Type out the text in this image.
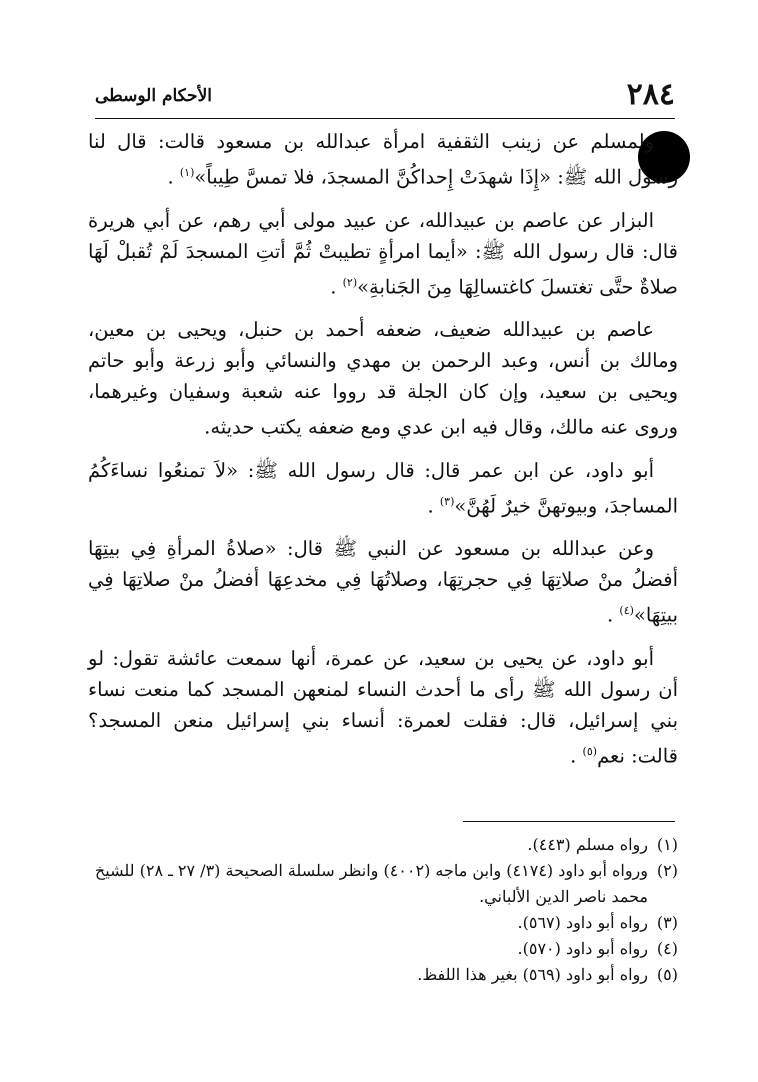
٢٨٤
الأحكام الوسطى

ولمسلم عن زينب الثقفية امرأة عبدالله بن مسعود قالت: قال لنا رسول الله ﷺ: «إِذَا شهدَتْ إِحداكُنَّ المسجدَ، فلا تمسَّ طِيباً»$^{(١)}$ .

البزار عن عاصم بن عبيدالله، عن عبيد مولى أبي رهم، عن أبي هريرة قال: قال رسول الله ﷺ: «أيما امرأةٍ تطيبتْ ثُمَّ أتتِ المسجدَ لَمْ تُقبلْ لَهَا صلاةٌ حتَّى تغتسلَ كاغتسالِهَا مِنَ الجَنابةِ»$^{(٢)}$ .

عاصم بن عبيدالله ضعيف، ضعفه أحمد بن حنبل، ويحيى بن معين، ومالك بن أنس، وعبد الرحمن بن مهدي والنسائي وأبو زرعة وأبو حاتم ويحيى بن سعيد، وإن كان الجلة قد رووا عنه شعبة وسفيان وغيرهما، وروى عنه مالك، وقال فيه ابن عدي ومع ضعفه يكتب حديثه.

أبو داود، عن ابن عمر قال: قال رسول الله ﷺ: «لاَ تمنعُوا نساءَكُمُ المساجدَ، وبيوتهنَّ خيرٌ لَهُنَّ»$^{(٣)}$ .

وعن عبدالله بن مسعود عن النبي ﷺ قال: «صلاةُ المرأةِ فِي بيتِهَا أفضلُ منْ صلاتِهَا فِي حجرتِهَا، وصلاتُهَا فِي مخدعِهَا أفضلُ منْ صلاتِهَا فِي بيتِهَا»$^{(٤)}$ .

أبو داود، عن يحيى بن سعيد، عن عمرة، أنها سمعت عائشة تقول: لو أن رسول الله ﷺ رأى ما أحدث النساء لمنعهن المسجد كما منعت نساء بني إسرائيل، قال: فقلت لعمرة: أنساء بني إسرائيل منعن المسجد؟ قالت: نعم$^{(٥)}$ .

(١)
رواه مسلم (٤٤٣).

(٢)
ورواه أبو داود (٤١٧٤) وابن ماجه (٤٠٠٢) وانظر سلسلة الصحيحة (٣/ ٢٧ ـ ٢٨) للشيخ محمد ناصر الدين الألباني.

(٣)
رواه أبو داود (٥٦٧).

(٤)
رواه أبو داود (٥٧٠).

(٥)
رواه أبو داود (٥٦٩) بغير هذا اللفظ.
